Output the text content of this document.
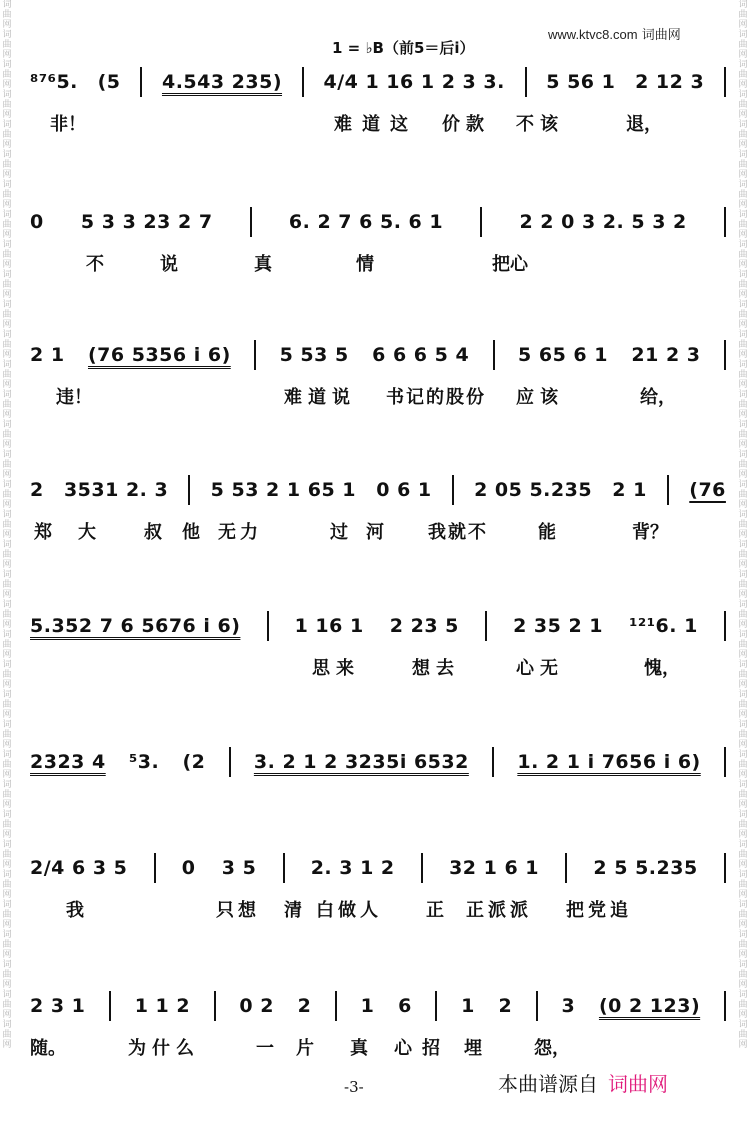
词
曲
网
词
曲
网
词
曲
网
词
曲
网
词
曲
网
词
曲
网
词
曲
网
词
曲
网
词
曲
网
词
曲
网
词
曲
网
词
曲
网
词
曲
网
词
曲
网
词
曲
网
词
曲
网
词
曲
网
词
曲
网
词
曲
网
词
曲
网
词
曲
网
词
曲
网
词
曲
网
词
曲
网
词
曲
网
词
曲
网
词
曲
网
词
曲
网
词
曲
网
词
曲
网
词
曲
网
词
曲
网
词
曲
网
词
曲
网
词
曲
网
词
曲
网
词
曲
网
词
曲
网
词
曲
网
词
曲
网
词
曲
网
词
曲
网
词
曲
网
词
曲
网
词
曲
网
词
曲
网
词
曲
网
词
曲
网
词
曲
网
词
曲
网
词
曲
网
词
曲
网
词
曲
网
词
曲
网
词
曲
网
词
曲
网
词
曲
网
词
曲
网
词
曲
网
词
曲
网
词
曲
网
词
曲
网
词
曲
网
词
曲
网
词
曲
网
词
曲
网
词
曲
网
词
曲
网
词
曲
网
词
曲
网
www.ktvc8.com 词曲网
1 = ♭B（前5＝后i）
⁸⁷⁶5. (5 4.543 235) 4/4 1 16 1 2 3 3. 5 56 1 2 12 3
非！	难道这 价款 不该	退，
0 5 3 3 23 2 7	6. 2 7 6 5. 6 1	2 2 0 3 2. 5 3 2
不	说	真	情	把心
2 1 (76 5356 i 6)	5 53 5 6 6 6 5 4	5 65 6 1 21 2 3
违！	难道说 书记的股份 应该	给，
2 3531 2. 3 5 53 2 1 65 1 0 6 1 2 05 5.235 2 1 (76
郑 大	叔 他 无力	过 河 我就不	能	背？
5.352 7 6 5676 i 6)	1 16 1 2 23 5	2 35 2 1 ¹²¹6. 1
思来	想去	心无	愧，
2323 4 ⁵3. (2	3. 2 1 2 3235i 6532	1. 2 1 i 7656 i 6)
2/4 6 3 5	0 3 5	2. 3 1 2	32 1 6 1	2 5 5.235
我	只想 清 白做人 正 正派派 把党追
2 3 1	1 1 2	0 2 2	1 6	1 2	3 (0 2 123)
随。	为什么	一 片 真 心 招 埋	怨，
-3-	本曲谱源自 词曲网
